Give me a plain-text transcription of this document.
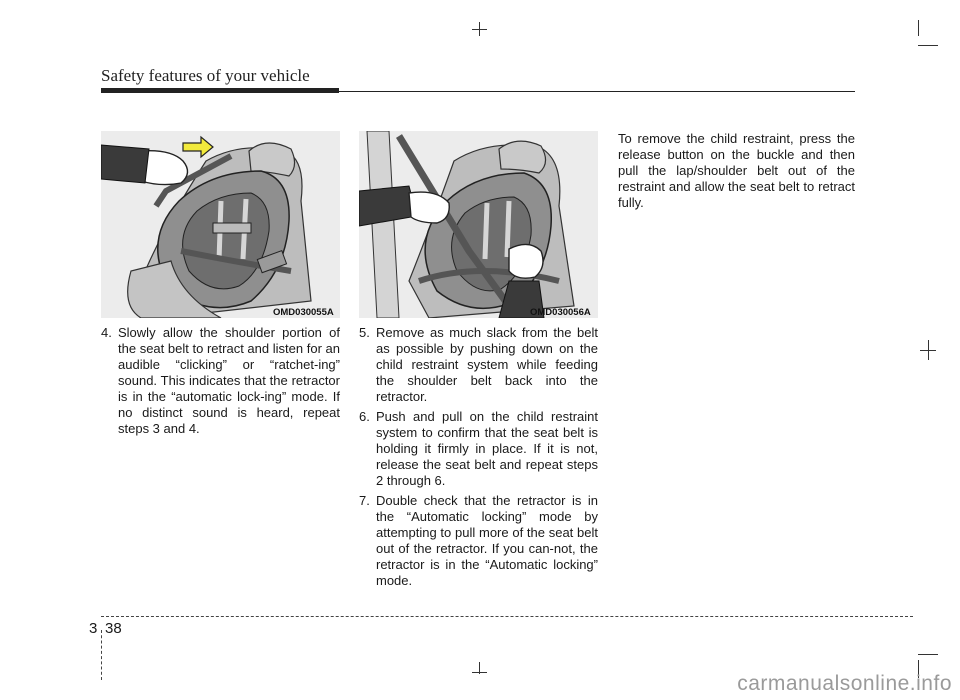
Safety features of your vehicle
OMD030055A	OMD030056A

4. Slowly allow the shoulder portion of the seat belt to retract and listen for an audible “clicking” or “ratchet-ing” sound. This indicates that the retractor is in the “automatic lock-ing” mode. If no distinct sound is heard, repeat steps 3 and 4.

5. Remove as much slack from the belt as possible by pushing down on the child restraint system while feeding the shoulder belt back into the retractor.

6. Push and pull on the child restraint system to confirm that the seat belt is holding it firmly in place. If it is not, release the seat belt and repeat steps 2 through 6.

7. Double check that the retractor is in the “Automatic locking” mode by attempting to pull more of the seat belt out of the retractor. If you can-not, the retractor is in the “Automatic locking” mode.

To remove the child restraint, press the release button on the buckle and then pull the lap/shoulder belt out of the restraint and allow the seat belt to retract fully.
3 38
carmanualsonline.info
